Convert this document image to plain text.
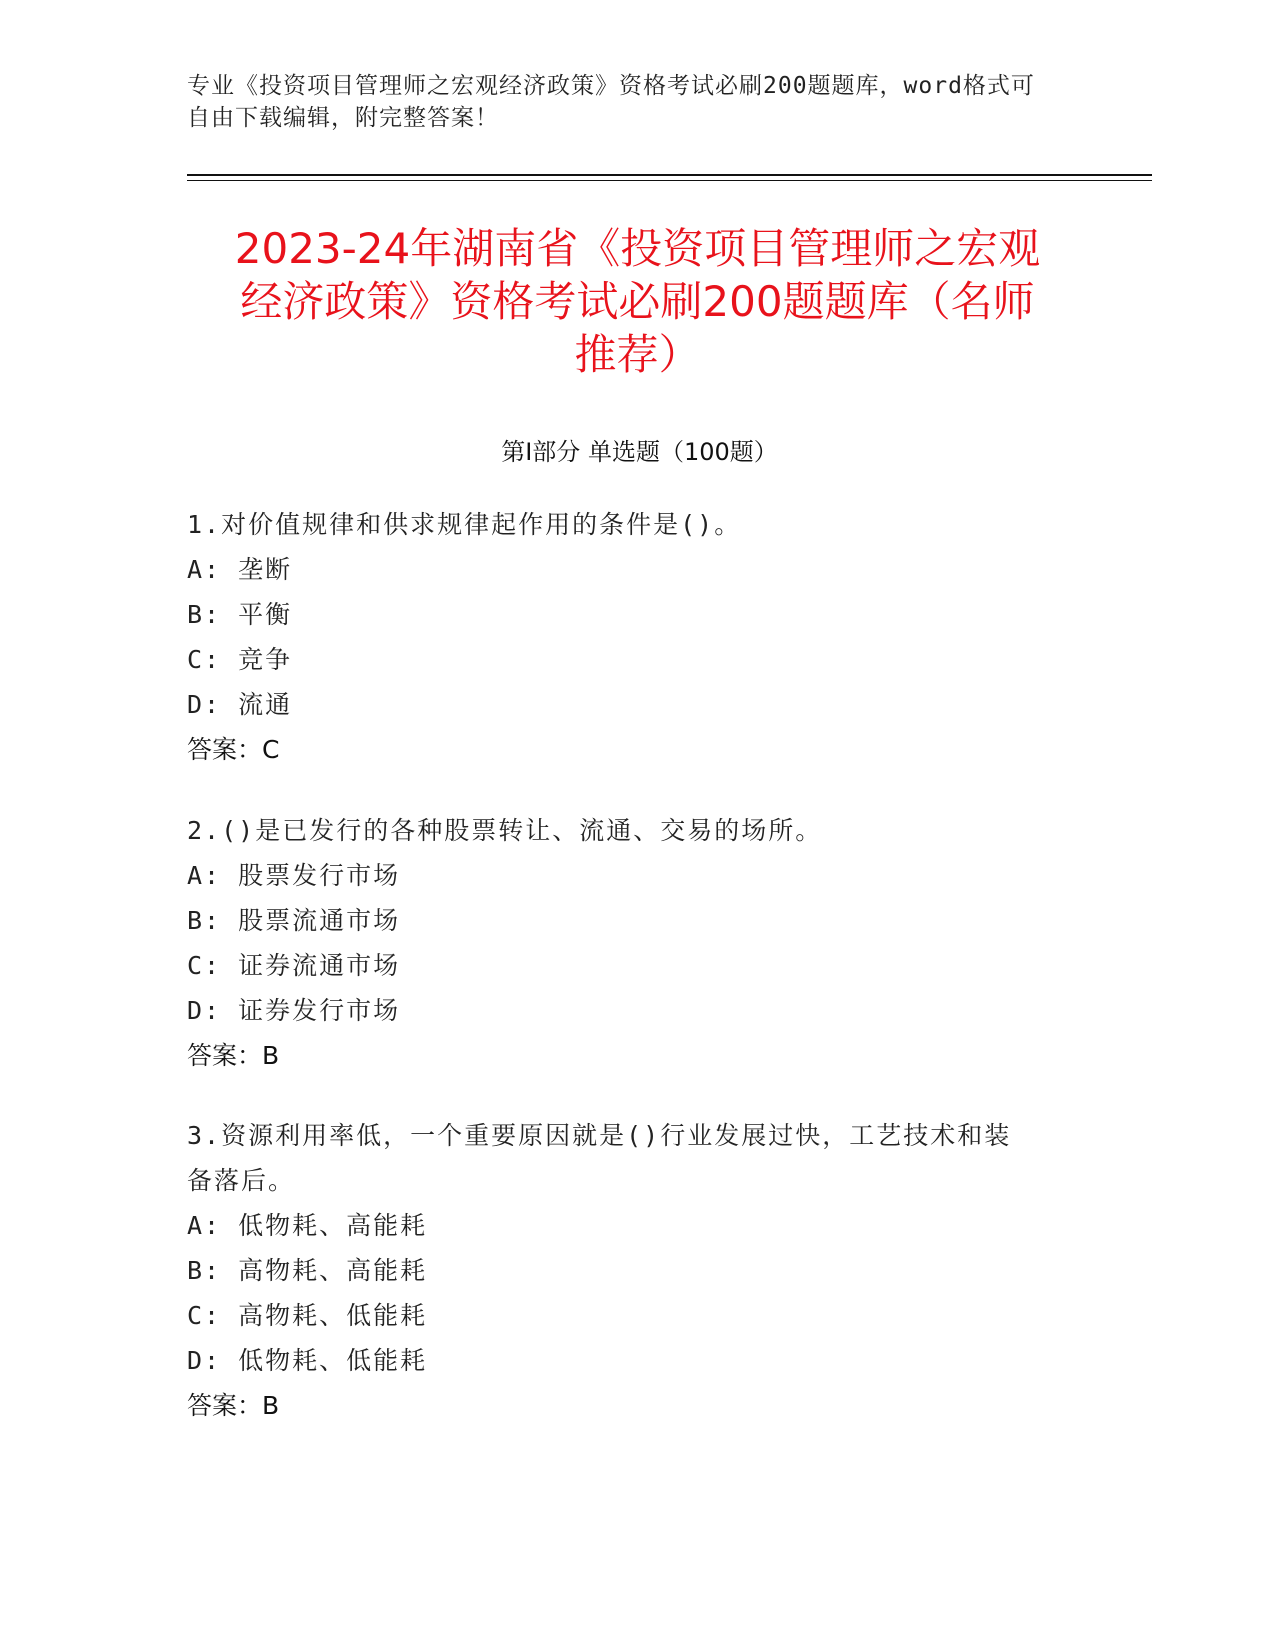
专业《投资项目管理师之宏观经济政策》资格考试必刷200题题库，word格式可
自由下载编辑，附完整答案！
2023-24年湖南省《投资项目管理师之宏观
经济政策》资格考试必刷200题题库（名师
推荐）
第Ⅰ部分 单选题（100题）
1.对价值规律和供求规律起作用的条件是()。
A: 垄断
B: 平衡
C: 竞争
D: 流通
答案：C
2.()是已发行的各种股票转让、流通、交易的场所。
A: 股票发行市场
B: 股票流通市场
C: 证券流通市场
D: 证券发行市场
答案：B
3.资源利用率低，一个重要原因就是()行业发展过快，工艺技术和装
备落后。
A: 低物耗、高能耗
B: 高物耗、高能耗
C: 高物耗、低能耗
D: 低物耗、低能耗
答案：B
